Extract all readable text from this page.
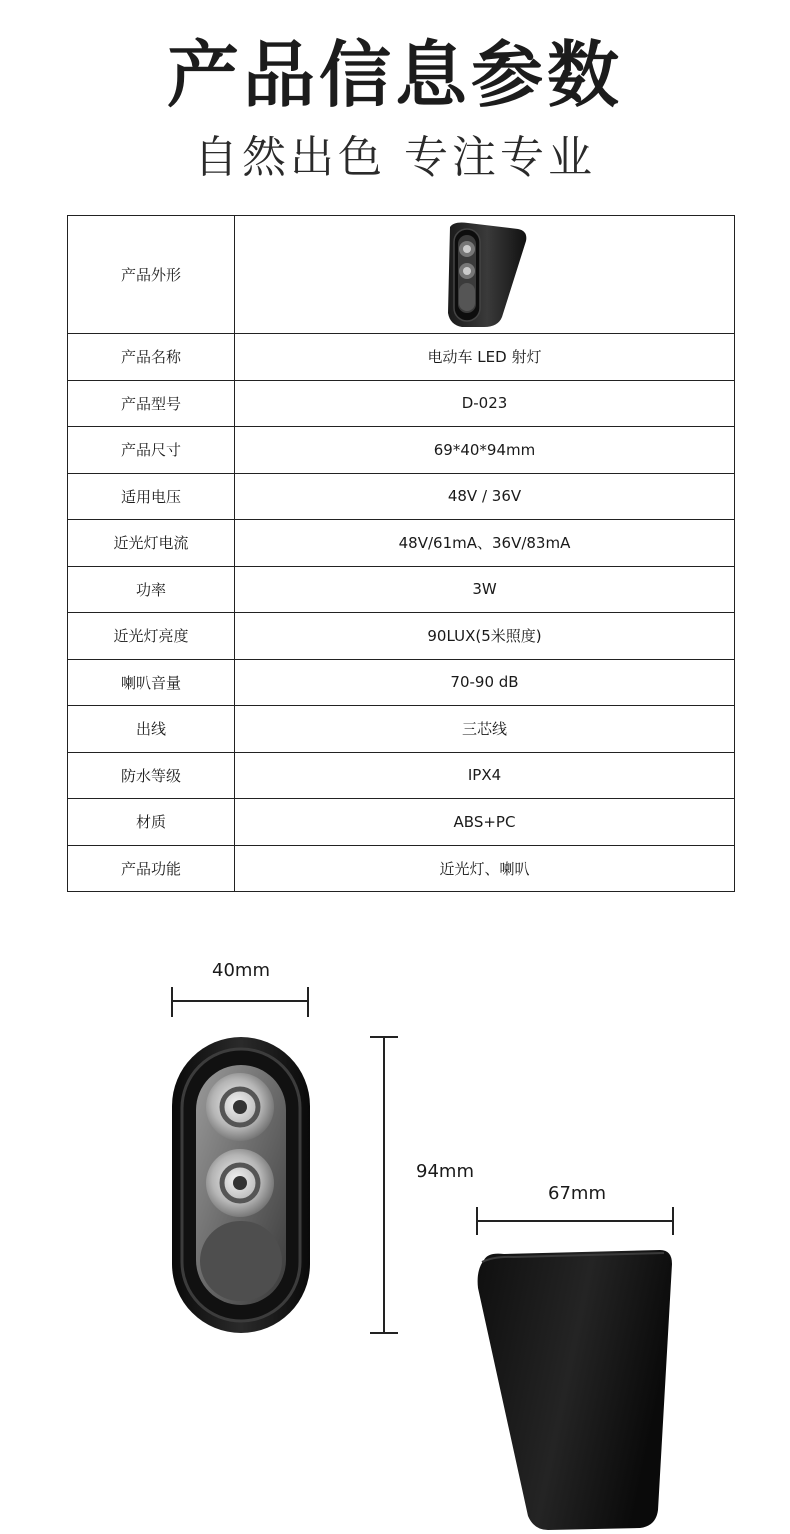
产品信息参数
自然出色 专注专业
产品外形	

产品名称	电动车 LED 射灯
产品型号	D-023
产品尺寸	69*40*94mm
适用电压	48V / 36V
近光灯电流	48V/61mA、36V/83mA
功率	3W
近光灯亮度	90LUX(5米照度)
喇叭音量	70-90 dB
出线	三芯线
防水等级	IPX4
材质	ABS+PC
产品功能	近光灯、喇叭
40mm
94mm
67mm
